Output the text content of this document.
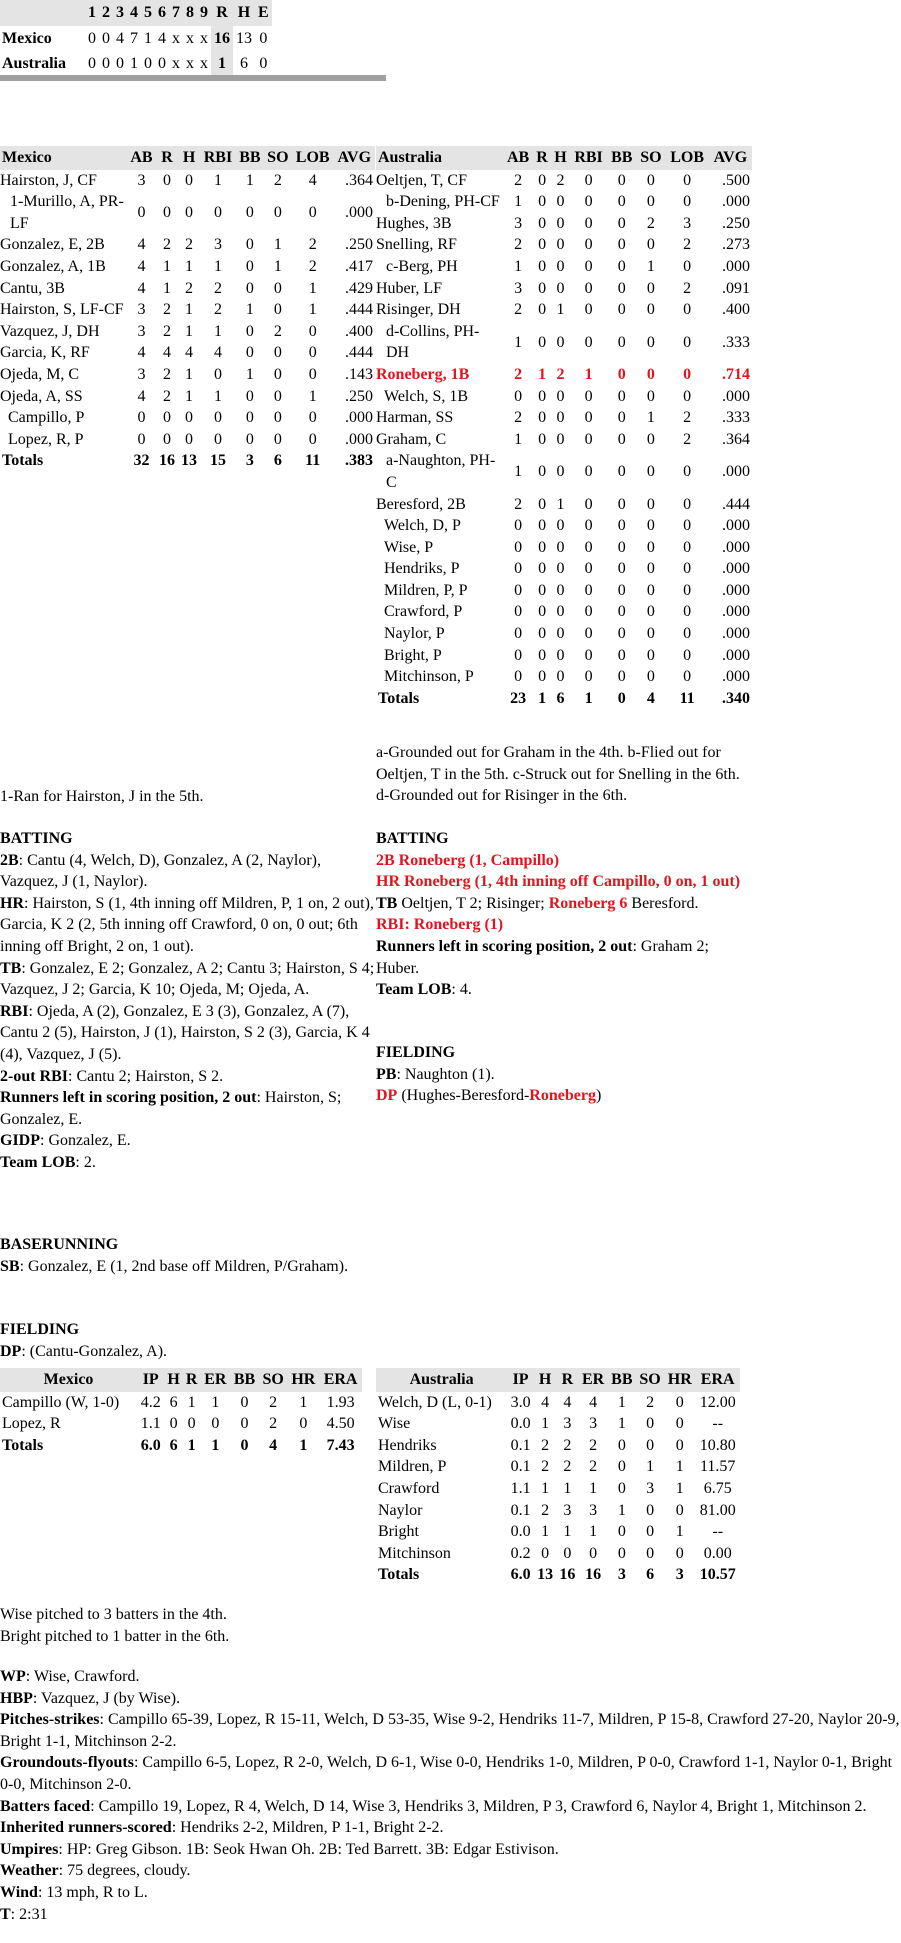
	1	2	3	4	5	6	7	8	9	R	H	E
Mexico	0	0	4	7	1	4	x	x	x	16	13	0
Australia	0	0	0	1	0	0	x	x	x	1	6	0
Mexico	AB	R	H	RBI	BB	SO	LOB	AVG
Hairston, J, CF	3	0	0	1	1	2	4	.364
1-Murillo, A, PR-LF	0	0	0	0	0	0	0	.000
Gonzalez, E, 2B	4	2	2	3	0	1	2	.250
Gonzalez, A, 1B	4	1	1	1	0	1	2	.417
Cantu, 3B	4	1	2	2	0	0	1	.429
Hairston, S, LF-CF	3	2	1	2	1	0	1	.444
Vazquez, J, DH	3	2	1	1	0	2	0	.400
Garcia, K, RF	4	4	4	4	0	0	0	.444
Ojeda, M, C	3	2	1	0	1	0	0	.143
Ojeda, A, SS	4	2	1	1	0	0	1	.250
Campillo, P	0	0	0	0	0	0	0	.000
Lopez, R, P	0	0	0	0	0	0	0	.000
Totals	32	16	13	15	3	6	11	.383
Australia	AB	R	H	RBI	BB	SO	LOB	AVG
Oeltjen, T, CF	2	0	2	0	0	0	0	.500
b-Dening, PH-CF	1	0	0	0	0	0	0	.000
Hughes, 3B	3	0	0	0	0	2	3	.250
Snelling, RF	2	0	0	0	0	0	2	.273
c-Berg, PH	1	0	0	0	0	1	0	.000
Huber, LF	3	0	0	0	0	0	2	.091
Risinger, DH	2	0	1	0	0	0	0	.400
d-Collins, PH-DH	1	0	0	0	0	0	0	.333
Roneberg, 1B	2	1	2	1	0	0	0	.714
Welch, S, 1B	0	0	0	0	0	0	0	.000
Harman, SS	2	0	0	0	0	1	2	.333
Graham, C	1	0	0	0	0	0	2	.364
a-Naughton, PH-C	1	0	0	0	0	0	0	.000
Beresford, 2B	2	0	1	0	0	0	0	.444
Welch, D, P	0	0	0	0	0	0	0	.000
Wise, P	0	0	0	0	0	0	0	.000
Hendriks, P	0	0	0	0	0	0	0	.000
Mildren, P, P	0	0	0	0	0	0	0	.000
Crawford, P	0	0	0	0	0	0	0	.000
Naylor, P	0	0	0	0	0	0	0	.000
Bright, P	0	0	0	0	0	0	0	.000
Mitchinson, P	0	0	0	0	0	0	0	.000
Totals	23	1	6	1	0	4	11	.340
a-Grounded out for Graham in the 4th. b-Flied out for Oeltjen, T in the 5th. c-Struck out for Snelling in the 6th. d-Grounded out for Risinger in the 6th.
1-Ran for Hairston, J in the 5th.

BATTING

2B: Cantu (4, Welch, D), Gonzalez, A (2, Naylor), Vazquez, J (1, Naylor).

HR: Hairston, S (1, 4th inning off Mildren, P, 1 on, 2 out), Garcia, K 2 (2, 5th inning off Crawford, 0 on, 0 out; 6th inning off Bright, 2 on, 1 out).

TB: Gonzalez, E 2; Gonzalez, A 2; Cantu 3; Hairston, S 4; Vazquez, J 2; Garcia, K 10; Ojeda, M; Ojeda, A.

RBI: Ojeda, A (2), Gonzalez, E 3 (3), Gonzalez, A (7), Cantu 2 (5), Hairston, J (1), Hairston, S 2 (3), Garcia, K 4 (4), Vazquez, J (5).

2-out RBI: Cantu 2; Hairston, S 2.

Runners left in scoring position, 2 out: Hairston, S; Gonzalez, E.

GIDP: Gonzalez, E.

Team LOB: 2.

BASERUNNING

SB: Gonzalez, E (1, 2nd base off Mildren, P/Graham).

FIELDING

DP: (Cantu-Gonzalez, A).

BATTING

2B Roneberg (1, Campillo)

HR Roneberg (1, 4th inning off Campillo, 0 on, 1 out)

TB Oeltjen, T 2; Risinger; Roneberg 6 Beresford.

RBI: Roneberg (1)

Runners left in scoring position, 2 out: Graham 2; Huber.

Team LOB: 4.

FIELDING

PB: Naughton (1).

DP (Hughes-Beresford-Roneberg)

Mexico	IP	H	R	ER	BB	SO	HR	ERA
Campillo (W, 1-0)	4.2	6	1	1	0	2	1	1.93
Lopez, R	1.1	0	0	0	0	2	0	4.50
Totals	6.0	6	1	1	0	4	1	7.43
Australia	IP	H	R	ER	BB	SO	HR	ERA
Welch, D (L, 0-1)	3.0	4	4	4	1	2	0	12.00
Wise	0.0	1	3	3	1	0	0	--
Hendriks	0.1	2	2	2	0	0	0	10.80
Mildren, P	0.1	2	2	2	0	1	1	11.57
Crawford	1.1	1	1	1	0	3	1	6.75
Naylor	0.1	2	3	3	1	0	0	81.00
Bright	0.0	1	1	1	0	0	1	--
Mitchinson	0.2	0	0	0	0	0	0	0.00
Totals	6.0	13	16	16	3	6	3	10.57

Wise pitched to 3 batters in the 4th.

Bright pitched to 1 batter in the 6th.

WP: Wise, Crawford.

HBP: Vazquez, J (by Wise).

Pitches-strikes: Campillo 65-39, Lopez, R 15-11, Welch, D 53-35, Wise 9-2, Hendriks 11-7, Mildren, P 15-8, Crawford 27-20, Naylor 20-9, Bright 1-1, Mitchinson 2-2.

Groundouts-flyouts: Campillo 6-5, Lopez, R 2-0, Welch, D 6-1, Wise 0-0, Hendriks 1-0, Mildren, P 0-0, Crawford 1-1, Naylor 0-1, Bright 0-0, Mitchinson 2-0.

Batters faced: Campillo 19, Lopez, R 4, Welch, D 14, Wise 3, Hendriks 3, Mildren, P 3, Crawford 6, Naylor 4, Bright 1, Mitchinson 2.

Inherited runners-scored: Hendriks 2-2, Mildren, P 1-1, Bright 2-2.

Umpires: HP: Greg Gibson. 1B: Seok Hwan Oh. 2B: Ted Barrett. 3B: Edgar Estivison.

Weather: 75 degrees, cloudy.

Wind: 13 mph, R to L.

T: 2:31
